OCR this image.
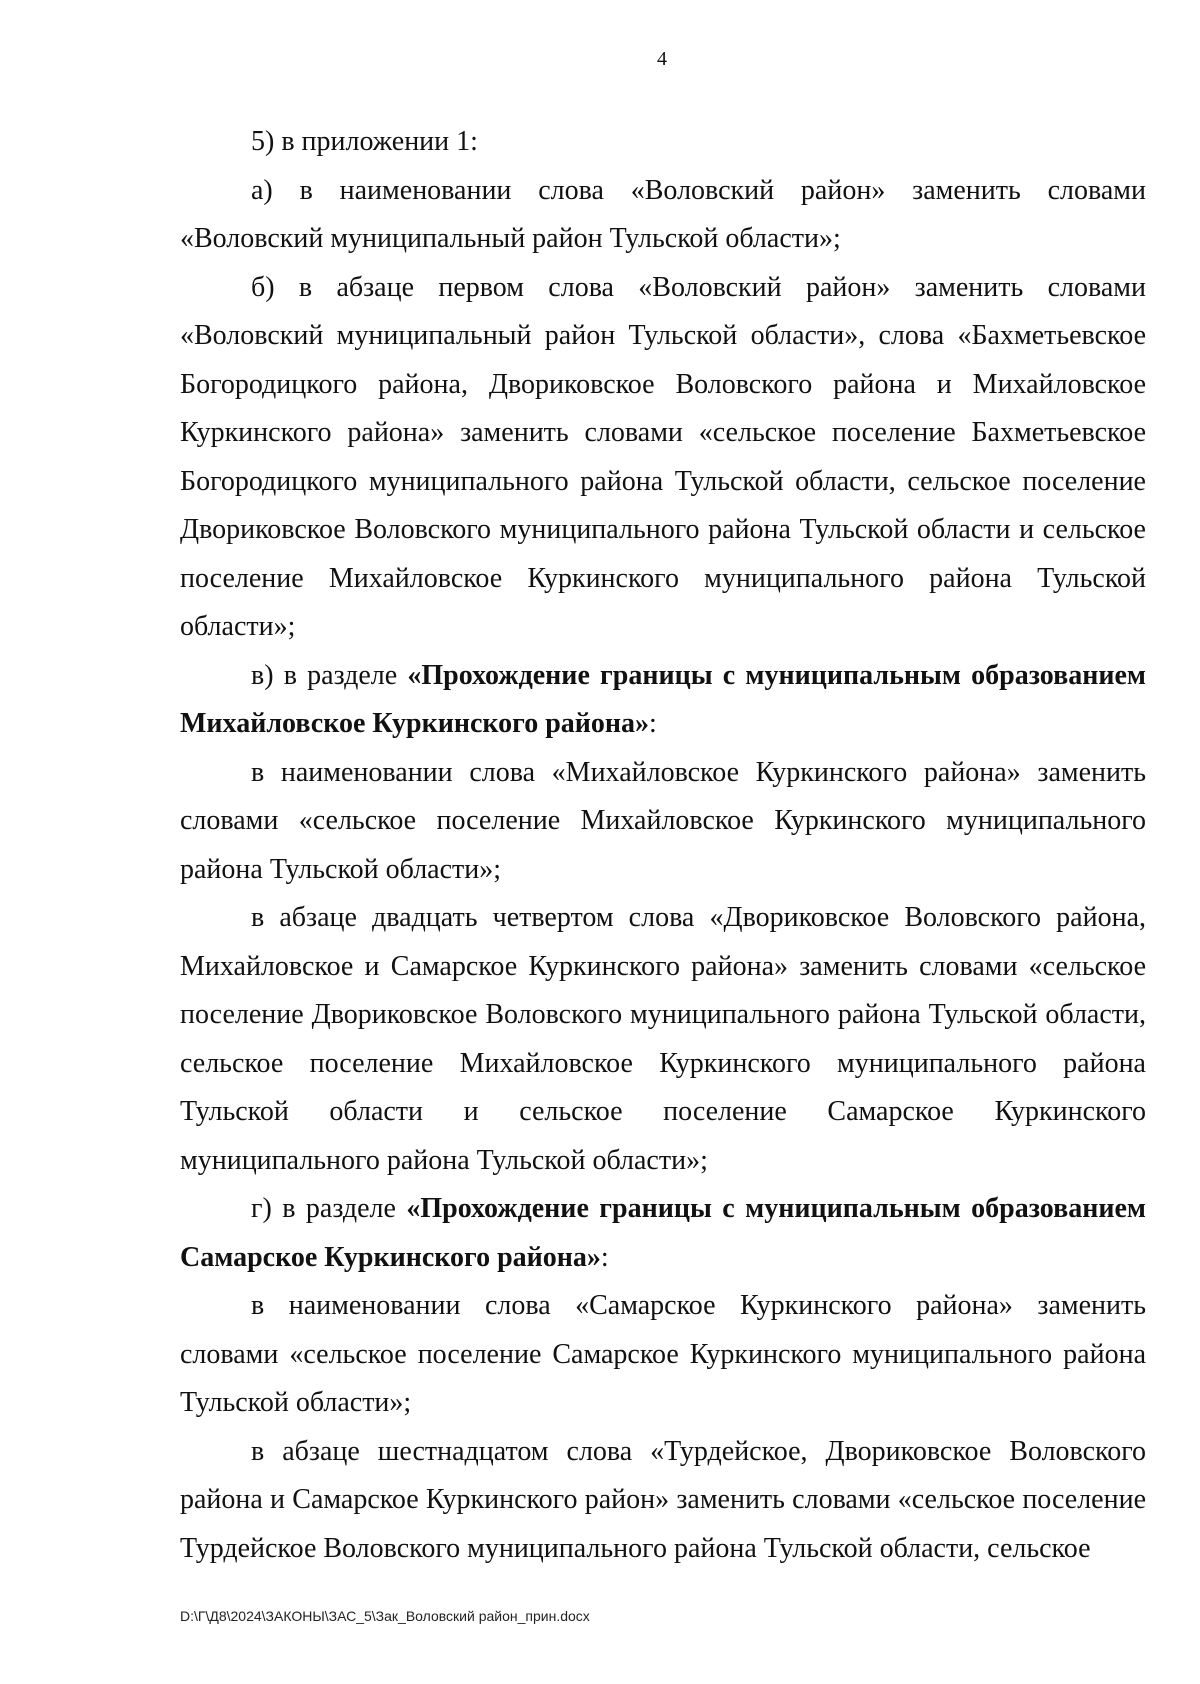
4

5) в приложении 1:

а) в наименовании слова «Воловский район» заменить словами «Воловский муниципальный район Тульской области»;

б) в абзаце первом слова «Воловский район» заменить словами «Воловский муниципальный район Тульской области», слова «Бахметьевское Богородицкого района, Двориковское Воловского района и Михайловское Куркинского района» заменить словами «сельское поселение Бахметьевское Богородицкого муниципального района Тульской области, сельское поселение Двориковское Воловского муниципального района Тульской области и сельское поселение Михайловское Куркинского муниципального района Тульской области»;

в) в разделе «Прохождение границы с муниципальным образованием Михайловское Куркинского района»:

в наименовании слова «Михайловское Куркинского района» заменить словами «сельское поселение Михайловское Куркинского муниципального района Тульской области»;

в абзаце двадцать четвертом слова «Двориковское Воловского района, Михайловское и Самарское Куркинского района» заменить словами «сельское поселение Двориковское Воловского муниципального района Тульской области, сельское поселение Михайловское Куркинского муниципального района Тульской области и сельское поселение Самарское Куркинского муниципального района Тульской области»;

г) в разделе «Прохождение границы с муниципальным образованием Самарское Куркинского района»:

в наименовании слова «Самарское Куркинского района» заменить словами «сельское поселение Самарское Куркинского муниципального района Тульской области»;

в абзаце шестнадцатом слова «Турдейское, Двориковское Воловского района и Самарское Куркинского район» заменить словами «сельское поселение Турдейское Воловского муниципального района Тульской области, сельское

D:\Г\Д8\2024\ЗАКОНЫ\ЗАС_5\Зак_Воловский район_прин.docx
